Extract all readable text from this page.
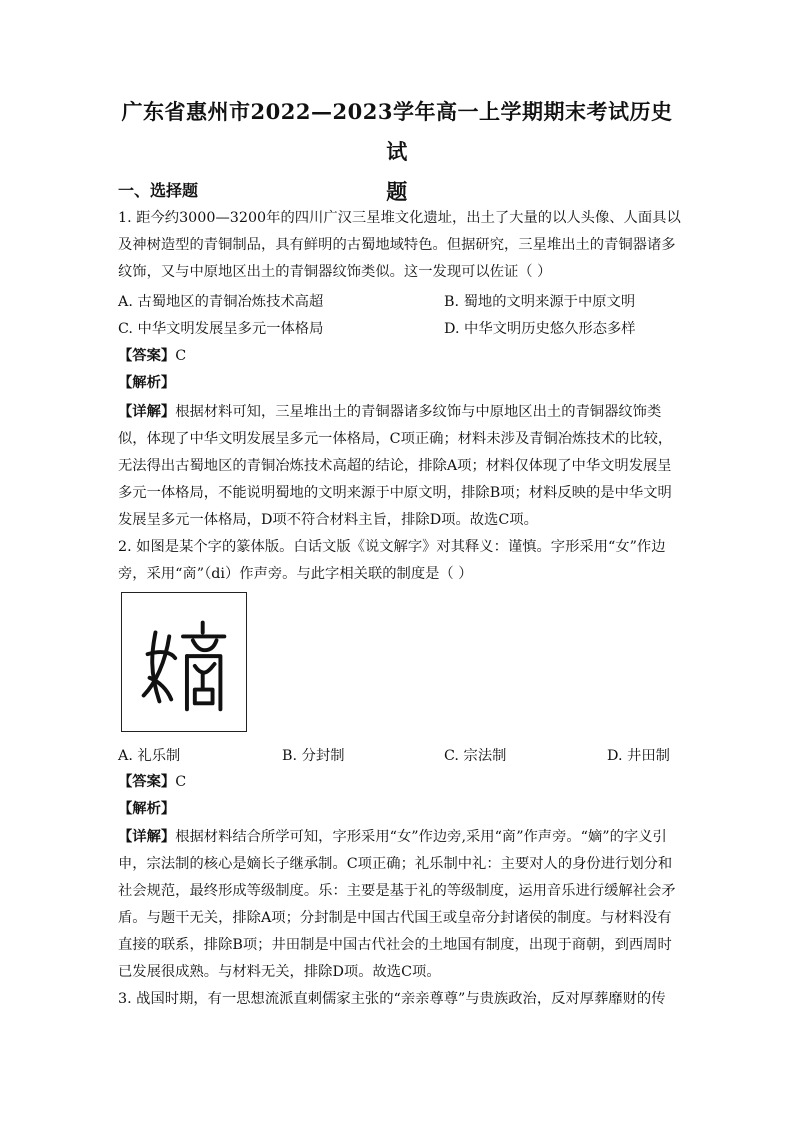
广东省惠州市2022—2023学年高一上学期期末考试历史试
题
一、选择题
1. 距今约3000—3200年的四川广汉三星堆文化遗址，出土了大量的以人头像、人面具以
及神树造型的青铜制品，具有鲜明的古蜀地域特色。但据研究，三星堆出土的青铜器诸多
纹饰，又与中原地区出土的青铜器纹饰类似。这一发现可以佐证（ ）
A. 古蜀地区的青铜冶炼技术高超	B. 蜀地的文明来源于中原文明
C. 中华文明发展呈多元一体格局	D. 中华文明历史悠久形态多样
【答案】C
【解析】
【详解】根据材料可知，三星堆出土的青铜器诸多纹饰与中原地区出土的青铜器纹饰类
似，体现了中华文明发展呈多元一体格局，C项正确；材料未涉及青铜冶炼技术的比较，
无法得出古蜀地区的青铜冶炼技术高超的结论，排除A项；材料仅体现了中华文明发展呈
多元一体格局，不能说明蜀地的文明来源于中原文明，排除B项；材料反映的是中华文明
发展呈多元一体格局，D项不符合材料主旨，排除D项。故选C项。
2. 如图是某个字的篆体版。白话文版《说文解字》对其释义：谨慎。字形采用“女”作边
旁，采用“啇”（di）作声旁。与此字相关联的制度是（ ）
A. 礼乐制	B. 分封制	C. 宗法制	D. 井田制
【答案】C
【解析】
【详解】根据材料结合所学可知，字形采用“女”作边旁,采用“啇”作声旁。“嫡”的字义引
申，宗法制的核心是嫡长子继承制。C项正确；礼乐制中礼：主要对人的身份进行划分和
社会规范，最终形成等级制度。乐：主要是基于礼的等级制度，运用音乐进行缓解社会矛
盾。与题干无关，排除A项；分封制是中国古代国王或皇帝分封诸侯的制度。与材料没有
直接的联系，排除B项；井田制是中国古代社会的土地国有制度，出现于商朝，到西周时
已发展很成熟。与材料无关，排除D项。故选C项。
3. 战国时期，有一思想流派直刺儒家主张的“亲亲尊尊”与贵族政治，反对厚葬靡财的传
